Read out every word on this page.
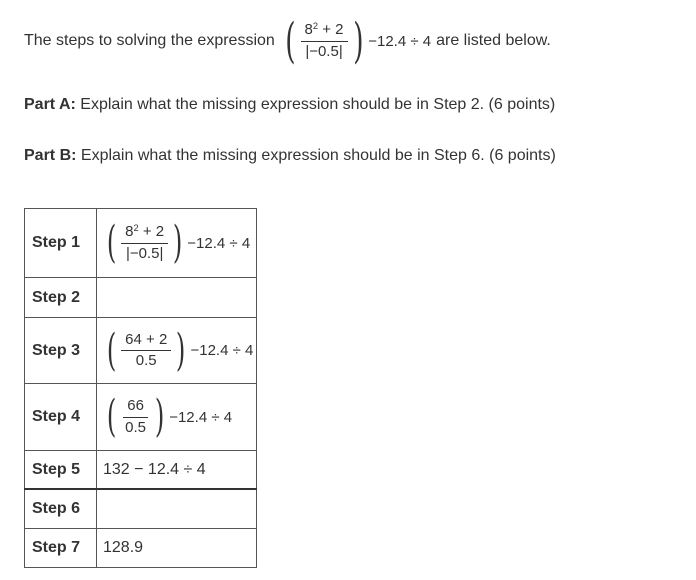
The steps to solving the expression ( $\frac{8^2 + 2}{|-0.5|}$ ) −12.4 ÷ 4 are listed below.
Part A: Explain what the missing expression should be in Step 2. (6 points)
Part B: Explain what the missing expression should be in Step 6. (6 points)
Step 1	( $\frac{8^2 + 2}{|-0.5|}$ ) −12.4 ÷ 4

Step 2	
Step 3	( $\frac{64 + 2}{0.5}$ ) −12.4 ÷ 4

Step 4	( $\frac{66}{0.5}$ ) −12.4 ÷ 4

Step 5	132 − 12.4 ÷ 4
Step 6	
Step 7	128.9
